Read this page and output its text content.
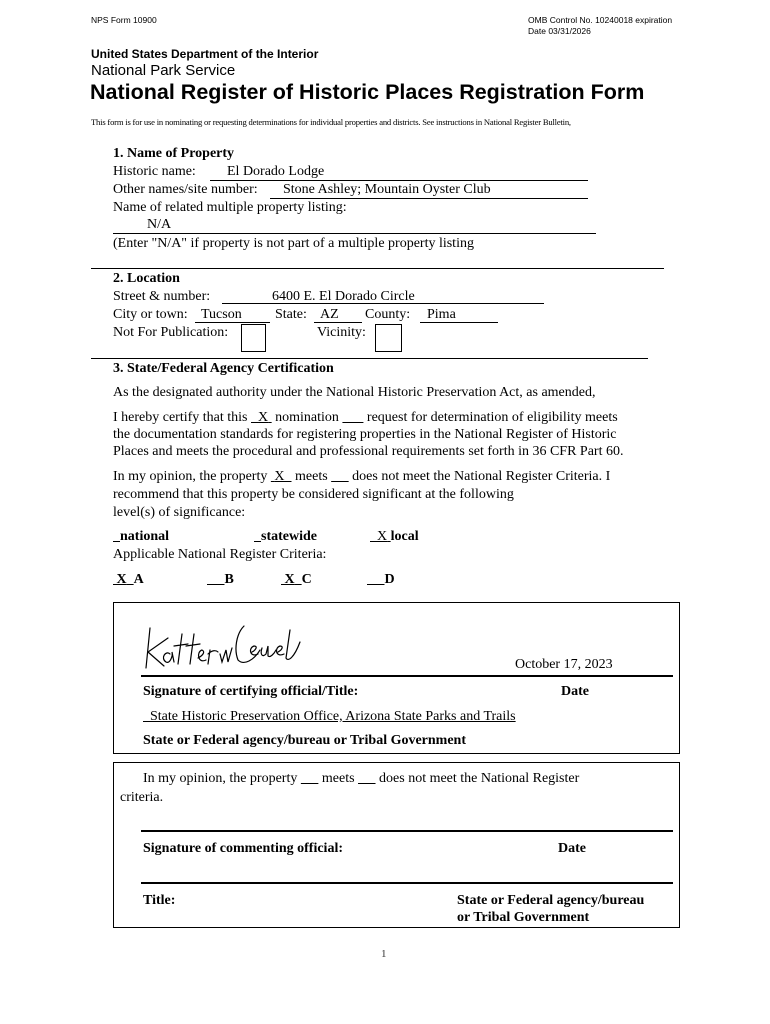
NPS Form 10900	OMB Control No. 10240018 expiration
Date 03/31/2026
United States Department of the Interior
National Park Service
National Register of Historic Places Registration Form
This form is for use in nominating or requesting determinations for individual properties and districts. See instructions in National Register Bulletin,
1. Name of Property
Historic name: El Dorado Lodge
Other names/site number: Stone Ashley; Mountain Oyster Club
Name of related multiple property listing:
N/A
(Enter "N/A" if property is not part of a multiple property listing
2. Location
Street & number:	6400 E. El Dorado Circle
City or town: Tucson State: AZ County: Pima
Not For Publication:	Vicinity:
3. State/Federal Agency Certification
As the designated authority under the National Historic Preservation Act, as amended,
I hereby certify that this X nomination request for determination of eligibility meets
the documentation standards for registering properties in the National Register of Historic
Places and meets the procedural and professional requirements set forth in 36 CFR Part 60.
In my opinion, the property X meets does not meet the National Register Criteria. I
recommend that this property be considered significant at the following
level(s) of significance:
national	statewide	X local
Applicable National Register Criteria:
X A	B	X C	D
October 17, 2023
Signature of certifying official/Title:	Date
State Historic Preservation Office, Arizona State Parks and Trails
State or Federal agency/bureau or Tribal Government
In my opinion, the property meets does not meet the National Register
criteria.
Signature of commenting official:	Date
Title:	State or Federal agency/bureau
or Tribal Government
1
